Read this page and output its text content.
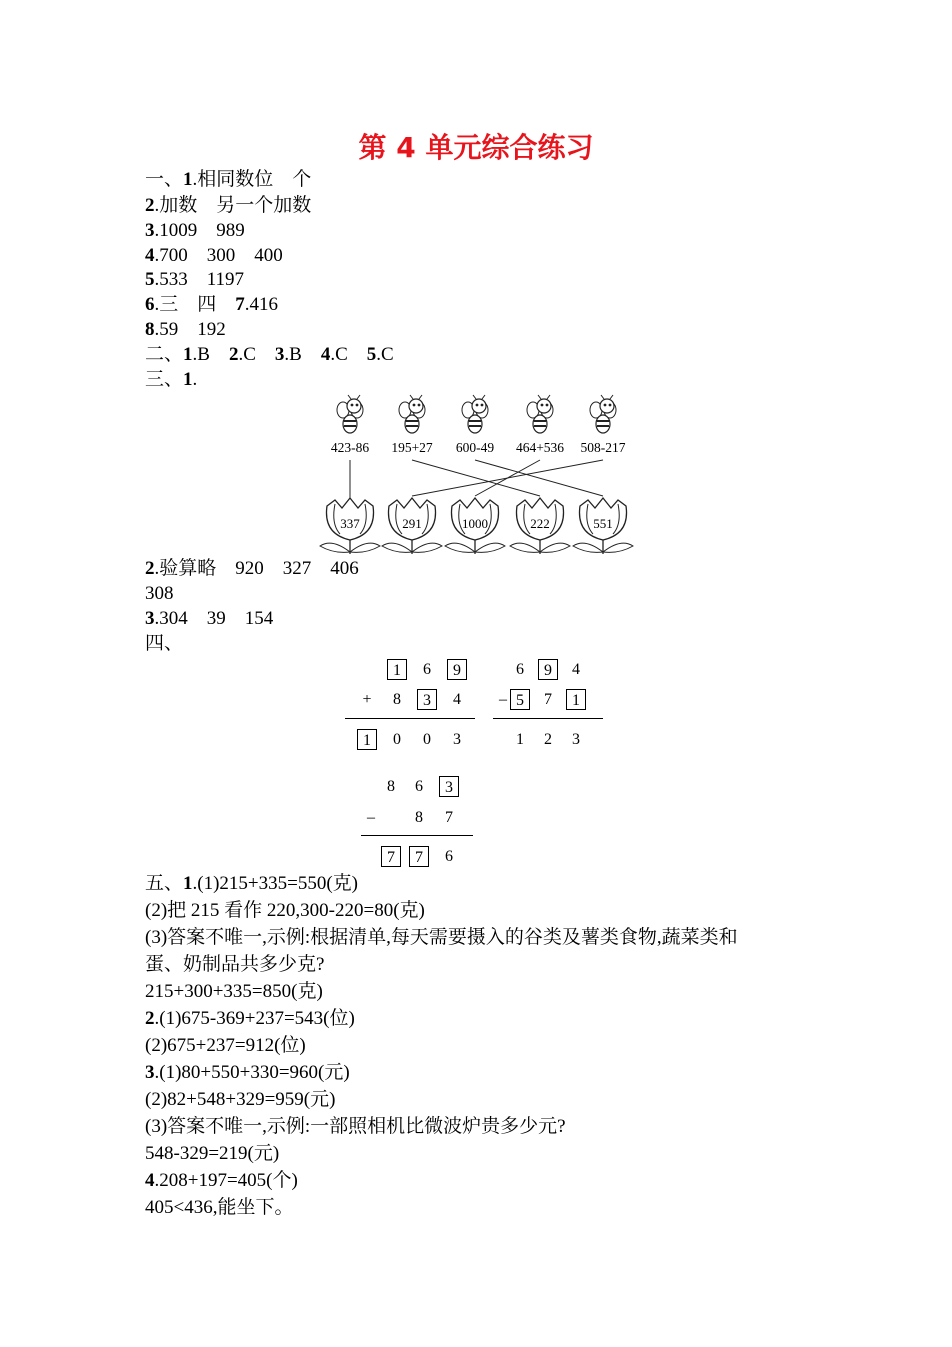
第 4 单元综合练习
一、1.相同数位    个
2.加数    另一个加数
3.1009    989
4.700    300    400
5.533    1197
6.三    四    7.416
8.59    192
二、1.B    2.C    3.B    4.C    5.C
三、1.
2.验算略    920    327    406
308
3.304    39    154
四、
五、1.(1)215+335=550(克)
(2)把 215 看作 220,300-220=80(克)
(3)答案不唯一,示例:根据清单,每天需要摄入的谷类及薯类食物,蔬菜类和
蛋、奶制品共多少克?
215+300+335=850(克)
2.(1)675-369+237=543(位)
(2)675+237=912(位)
3.(1)80+550+330=960(元)
(2)82+548+329=959(元)
(3)答案不唯一,示例:一部照相机比微波炉贵多少元?
548-329=219(元)
4.208+197=405(个)
405<436,能坐下。
423-86 195+27 600-49 464+536 508-217
337	291	1000	222	551
1	6	9
+	8	3	4
1	0	0	3
6	9	4
– 5	7	1
1	2	3
8	6	3
–	8	7
7	7	6
